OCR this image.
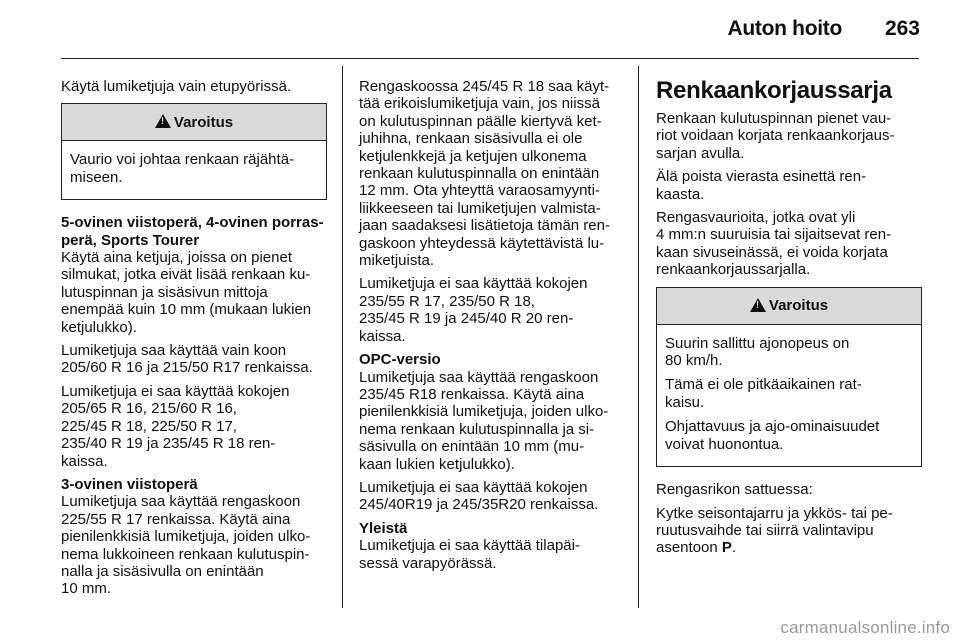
Auton hoito 263

Käytä lumiketjuja vain etupyörissä.

!
Varoitus

Vaurio voi johtaa renkaan räjähtä-
miseen.

5-ovinen viistoperä, 4-ovinen porras-
perä, Sports Tourer

Käytä aina ketjuja, joissa on pienet
silmukat, jotka eivät lisää renkaan ku-
lutuspinnan ja sisäsivun mittoja
enempää kuin 10 mm (mukaan lukien
ketjulukko).

Lumiketjuja saa käyttää vain koon
205/60 R 16 ja 215/50 R17 renkaissa.

Lumiketjuja ei saa käyttää kokojen
205/65 R 16, 215/60 R 16,
225/45 R 18, 225/50 R 17,
235/40 R 19 ja 235/45 R 18 ren-
kaissa.

3-ovinen viistoperä

Lumiketjuja saa käyttää rengaskoon
225/55 R 17 renkaissa. Käytä aina
pienilenkkisiä lumiketjuja, joiden ulko-
nema lukkoineen renkaan kulutuspin-
nalla ja sisäsivulla on enintään
10 mm.

Rengaskoossa 245/45 R 18 saa käyt-
tää erikoislumiketjuja vain, jos niissä
on kulutuspinnan päälle kiertyvä ket-
juhihna, renkaan sisäsivulla ei ole
ketjulenkkejä ja ketjujen ulkonema
renkaan kulutuspinnalla on enintään
12 mm. Ota yhteyttä varaosamyynti-
liikkeeseen tai lumiketjujen valmista-
jaan saadaksesi lisätietoja tämän ren-
gaskoon yhteydessä käytettävistä lu-
miketjuista.

Lumiketjuja ei saa käyttää kokojen
235/55 R 17, 235/50 R 18,
235/45 R 19 ja 245/40 R 20 ren-
kaissa.

OPC-versio

Lumiketjuja saa käyttää rengaskoon
235/45 R18 renkaissa. Käytä aina
pienilenkkisiä lumiketjuja, joiden ulko-
nema renkaan kulutuspinnalla ja si-
säsivulla on enintään 10 mm (mu-
kaan lukien ketjulukko).

Lumiketjuja ei saa käyttää kokojen
245/40R19 ja 245/35R20 renkaissa.

Yleistä

Lumiketjuja ei saa käyttää tilapäi-
sessä varapyörässä.

Renkaankorjaussarja

Renkaan kulutuspinnan pienet vau-
riot voidaan korjata renkaankorjaus-
sarjan avulla.

Älä poista vierasta esinettä ren-
kaasta.

Rengasvaurioita, jotka ovat yli
4 mm:n suuruisia tai sijaitsevat ren-
kaan sivuseinässä, ei voida korjata
renkaankorjaussarjalla.

!
Varoitus

Suurin sallittu ajonopeus on
80 km/h.

Tämä ei ole pitkäaikainen rat-
kaisu.

Ohjattavuus ja ajo-ominaisuudet
voivat huonontua.

Rengasrikon sattuessa:

Kytke seisontajarru ja ykkös- tai pe-
ruutusvaihde tai siirrä valintavipu
asentoon P.

carmanualsonline.info
